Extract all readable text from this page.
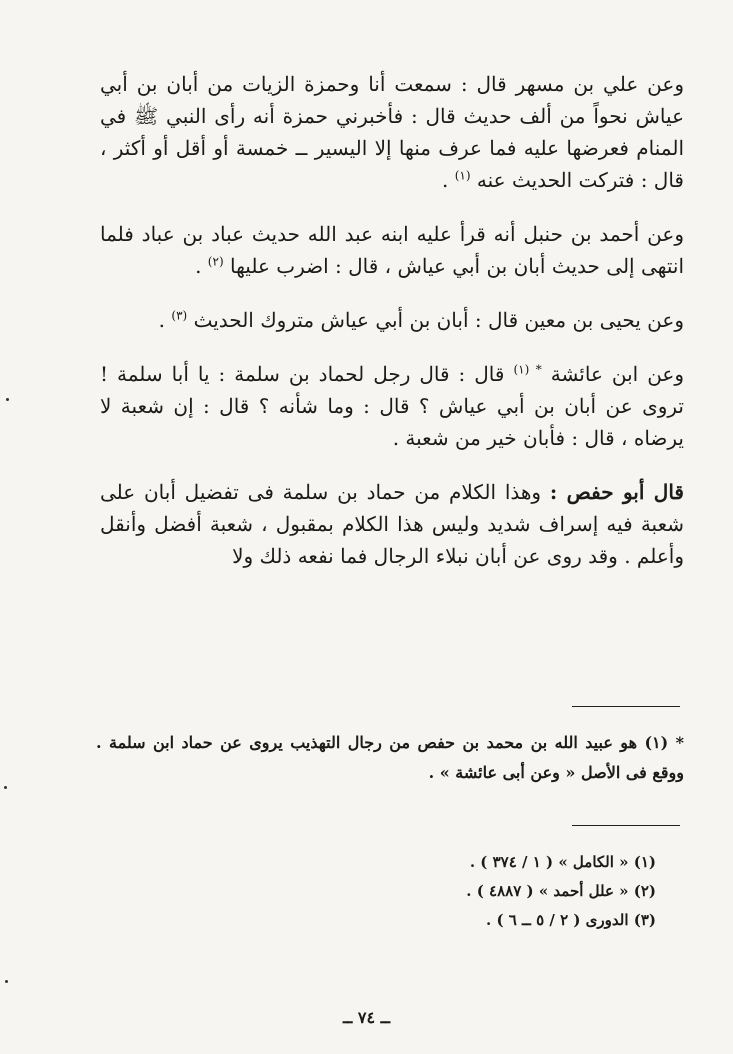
وعن علي بن مسهر قال : سمعت أنا وحمزة الزيات من أبان بن أبي عياش نحواً من ألف حديث قال : فأخبرني حمزة أنه رأى النبي ﷺ في المنام فعرضها عليه فما عرف منها إلا اليسير ــ خمسة أو أقل أو أكثر ، قال : فتركت الحديث عنه $^{(١)}$ .

وعن أحمد بن حنبل أنه قرأ عليه ابنه عبد الله حديث عباد بن عباد فلما انتهى إلى حديث أبان بن أبي عياش ، قال : اضرب عليها $^{(٢)}$ .

وعن يحيى بن معين قال : أبان بن أبي عياش متروك الحديث $^{(٣)}$ .

وعن ابن عائشة $^{* (١)}$ قال : قال رجل لحماد بن سلمة : يا أبا سلمة ! تروى عن أبان بن أبي عياش ؟ قال : وما شأنه ؟ قال : إن شعبة لا يرضاه ، قال : فأبان خير من شعبة .

قال أبو حفص : وهذا الكلام من حماد بن سلمة فى تفضيل أبان على شعبة فيه إسراف شديد وليس هذا الكلام بمقبول ، شعبة أفضل وأنقل وأعلم . وقد روى عن أبان نبلاء الرجال فما نفعه ذلك ولا

* (١) هو عبيد الله بن محمد بن حفص من رجال التهذيب يروى عن حماد ابن سلمة . ووقع فى الأصل « وعن أبى عائشة » .
(١) « الكامل » ( ١ / ٣٧٤ ) .
(٢) « علل أحمد » ( ٤٨٨٧ ) .
(٣) الدورى ( ٢ / ٥ ــ ٦ ) .
ــ ٧٤ ــ
